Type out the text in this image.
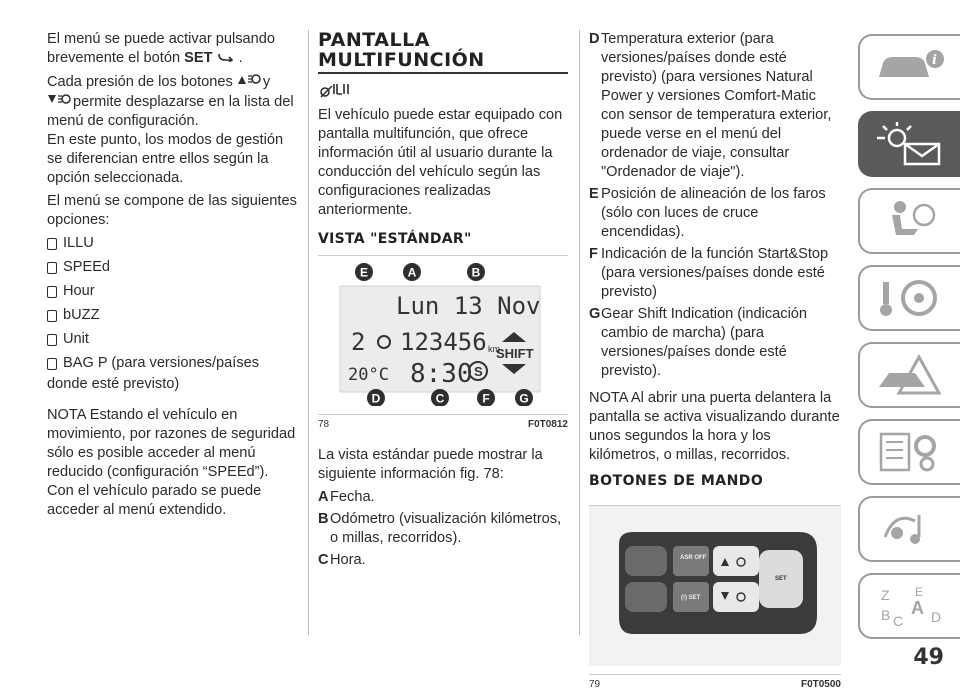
El menú se puede activar pulsando
brevemente el botón SET  .

Cada presión de los botones y
permite desplazarse en la lista del
menú de configuración.

En este punto, los modos de gestión se diferencian entre ellos según la opción seleccionada.

El menú se compone de las siguientes opciones:

ILLU
SPEEd
Hour
bUZZ
Unit
BAG P (para versiones/países

donde esté previsto)

NOTA Estando el vehículo en movimiento, por razones de seguridad sólo es posible acceder al menú reducido (configuración “SPEEd”). Con el vehículo parado se puede acceder al menú extendido.

PANTALLA MULTIFUNCIÓN

El vehículo puede estar equipado con pantalla multifunción, que ofrece información útil al usuario durante la conducción del vehículo según las configuraciones realizadas anteriormente.

VISTA "ESTÁNDAR"
Lun 13 Nov
2 123456 km
20°C 8:30 S
SHIFT
E	A	B
D	C	F G
78	F0T0812

La vista estándar puede mostrar la siguiente información fig. 78:

A Fecha.
B Odómetro (visualización kilómetros, o millas, recorridos).
C Hora.
D Temperatura exterior (para versiones/países donde esté previsto) (para versiones Natural Power y versiones Comfort-Matic con sensor de temperatura exterior, puede verse en el menú del ordenador de viaje, consultar "Ordenador de viaje").
E Posición de alineación de los faros (sólo con luces de cruce encendidas).
F Indicación de la función Start&Stop (para versiones/países donde esté previsto)
G Gear Shift Indication (indicación cambio de marcha) (para versiones/países donde esté previsto).

NOTA Al abrir una puerta delantera la pantalla se activa visualizando durante unos segundos la hora y los kilómetros, o millas, recorridos.

BOTONES DE MANDO
ASR OFF
(!) SET
SET
79	F0T0500
i
Z E
A
B C D
49
